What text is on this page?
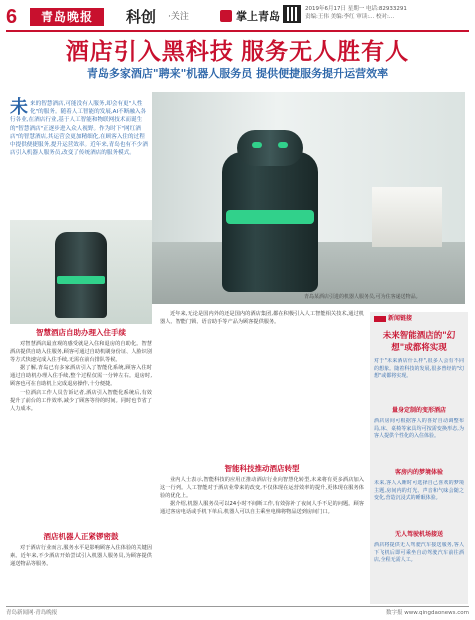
6	青岛晚报	科创 ·关注	掌上青岛
2019年6月17日 星期一 电话:82933291
责编:王伟 美编:李红 审读:... 校对:...
酒店引入黑科技 服务无人胜有人
青岛多家酒店"聘来"机器人服务员 提供便捷服务提升运营效率
未 来的智慧酒店,可能没有人服务,却会有更"人性化"的服务。随着人工智能的发展,AI不断融入各行各业,在酒店行业,基于人工智能和物联网技术而诞生的"智慧酒店"正逐步进入众人视野。作为时下"网红酒店"的智慧酒店,其运营会更加精细化,在顾客入住的过程中提供便捷服务,提升运营效率。近年来,青岛也有不少酒店引入机器人服务员,改变了传统酒店的服务模式。
青岛某酒店引进的机器人服务员,可为住客递送物品。
智慧酒店自助办理入住手续

对智慧酒店最直观的感受就是入住和退房的自助化。智慧酒店提供自助入住服务,顾客可通过自助机刷身份证、人脸识别等方式快速完成入住手续,无需在前台排队等候。

据了解,青岛已有多家酒店引入了智能化系统,顾客入住时通过自助机办理入住手续,整个过程仅需一分钟左右。退房时,顾客也可在自助机上完成退房操作,十分便捷。

一位酒店工作人员告诉记者,酒店引入智能化系统后,有效提升了前台的工作效率,减少了顾客等待的时间。同时也节省了人力成本。

酒店机器人正紧锣密鼓

对于酒店行业而言,服务水平是影响顾客入住体验的关键因素。近年来,不少酒店开始尝试引入机器人服务员,为顾客提供递送物品等服务。

近年来,无论是国内外的还是国内的酒店集团,都在积极引入人工智能相关技术,通过机器人、智能门锁、语音助手等产品为顾客提供服务。

智能科技推动酒店转型

业内人士表示,智能科技的应用正推动酒店行业向智慧化转型,未来将有更多酒店加入这一行列。人工智能对于酒店业带来的改变,不仅体现在运营效率的提升,更体现在服务体验的优化上。

据介绍,机器人服务员可以24小时不间断工作,有效弥补了夜间人手不足的问题。顾客通过客房电话或手机下单后,机器人可以自主乘坐电梯将物品送到房间门口。

新闻链接
未来智能酒店的"幻想"或都将实现
对于"未来酒店什么样",很多人会有不同的想象。随着科技的发展,很多曾经的"幻想"或都将实现。
量身定制的变形酒店
酒店房间可根据客人的喜好自动调整布局,床、桌椅等家具均可按需变换形态,为客人提供个性化的入住体验。
客房内的梦境体验
未来,客人入睡时可选择自己喜欢的梦境主题,房间内的灯光、声音和气味会随之变化,营造沉浸式的睡眠体验。
无人驾驶机场接送
酒店将提供无人驾驶汽车接送服务,客人下飞机后即可乘坐自动驾驶汽车前往酒店,全程无需人工。
青岛新闻网·青岛晚报	数字报 www.qingdaonews.com
